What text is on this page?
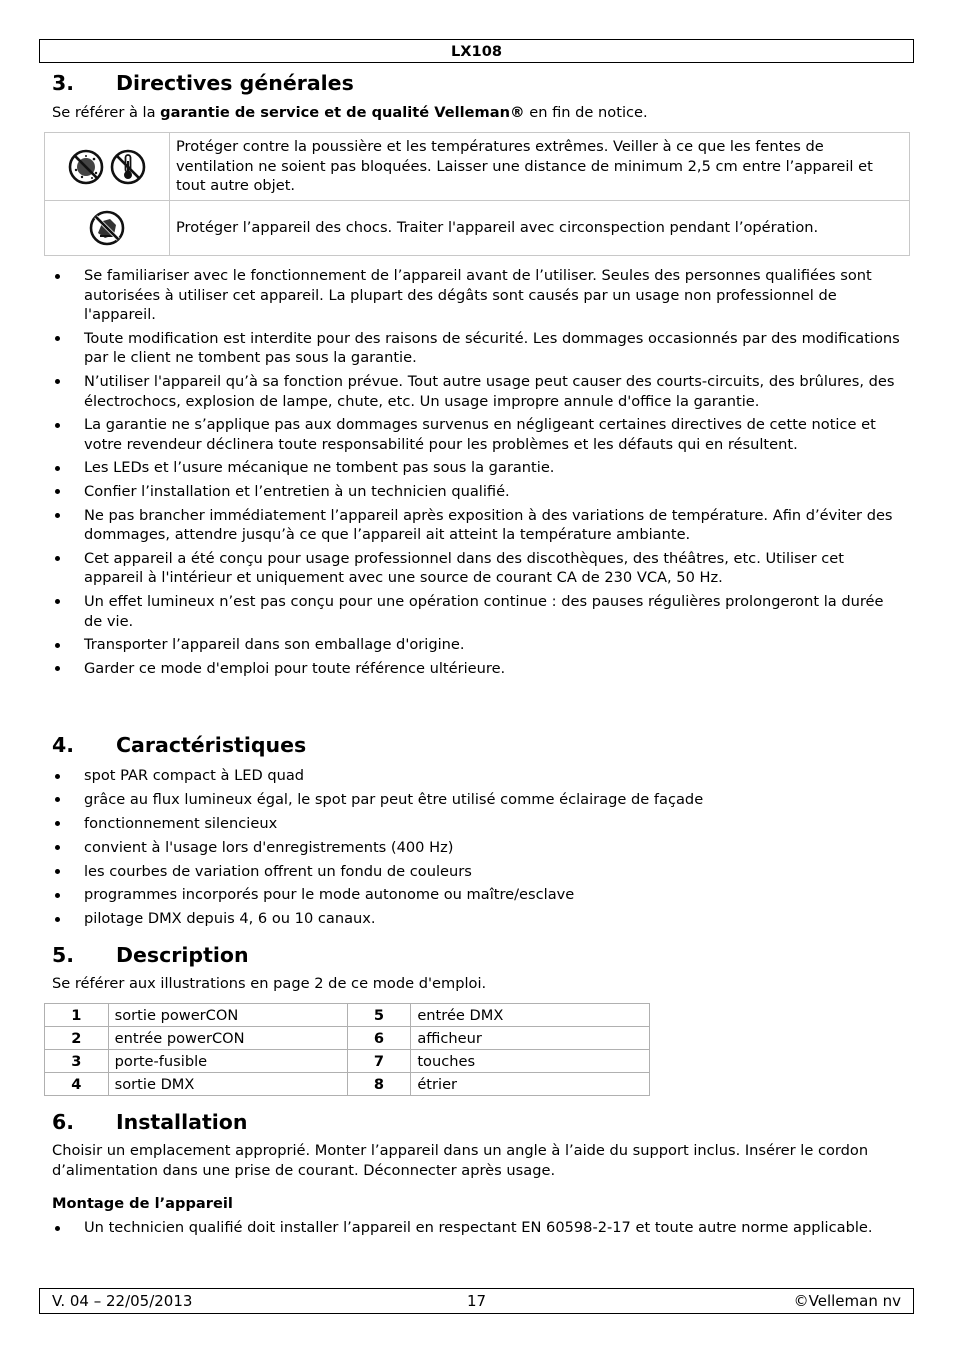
LX108
3. Directives générales
Se référer à la garantie de service et de qualité Velleman® en fin de notice.
	Protéger contre la poussière et les températures extrêmes. Veiller à ce que les fentes de ventilation ne soient pas bloquées. Laisser une distance de minimum 2,5 cm entre l’appareil et tout autre objet.
	Protéger l’appareil des chocs. Traiter l'appareil avec circonspection pendant l’opération.
Se familiariser avec le fonctionnement de l’appareil avant de l’utiliser. Seules des personnes qualifiées sont autorisées à utiliser cet appareil. La plupart des dégâts sont causés par un usage non professionnel de l'appareil.
Toute modification est interdite pour des raisons de sécurité. Les dommages occasionnés par des modifications par le client ne tombent pas sous la garantie.
N’utiliser l'appareil qu’à sa fonction prévue. Tout autre usage peut causer des courts-circuits, des brûlures, des électrochocs, explosion de lampe, chute, etc. Un usage impropre annule d'office la garantie.
La garantie ne s’applique pas aux dommages survenus en négligeant certaines directives de cette notice et votre revendeur déclinera toute responsabilité pour les problèmes et les défauts qui en résultent.
Les LEDs et l’usure mécanique ne tombent pas sous la garantie.
Confier l’installation et l’entretien à un technicien qualifié.
Ne pas brancher immédiatement l’appareil après exposition à des variations de température. Afin d’éviter des dommages, attendre jusqu’à ce que l’appareil ait atteint la température ambiante.
Cet appareil a été conçu pour usage professionnel dans des discothèques, des théâtres, etc. Utiliser cet appareil à l'intérieur et uniquement avec une source de courant CA de 230 VCA, 50 Hz.
Un effet lumineux n’est pas conçu pour une opération continue : des pauses régulières prolongeront la durée de vie.
Transporter l’appareil dans son emballage d'origine.
Garder ce mode d'emploi pour toute référence ultérieure.
4. Caractéristiques
spot PAR compact à LED quad
grâce au flux lumineux égal, le spot par peut être utilisé comme éclairage de façade
fonctionnement silencieux
convient à l'usage lors d'enregistrements (400 Hz)
les courbes de variation offrent un fondu de couleurs
programmes incorporés pour le mode autonome ou maître/esclave
pilotage DMX depuis 4, 6 ou 10 canaux.
5. Description
Se référer aux illustrations en page 2 de ce mode d'emploi.
1	sortie powerCON	5	entrée DMX
2	entrée powerCON	6	afficheur
3	porte-fusible	7	touches
4	sortie DMX	8	étrier
6. Installation
Choisir un emplacement approprié. Monter l’appareil dans un angle à l’aide du support inclus. Insérer le cordon d’alimentation dans une prise de courant. Déconnecter après usage.
Montage de l’appareil
Un technicien qualifié doit installer l’appareil en respectant EN 60598-2-17 et toute autre norme applicable.
V. 04 – 22/05/2013	17	©Velleman nv
